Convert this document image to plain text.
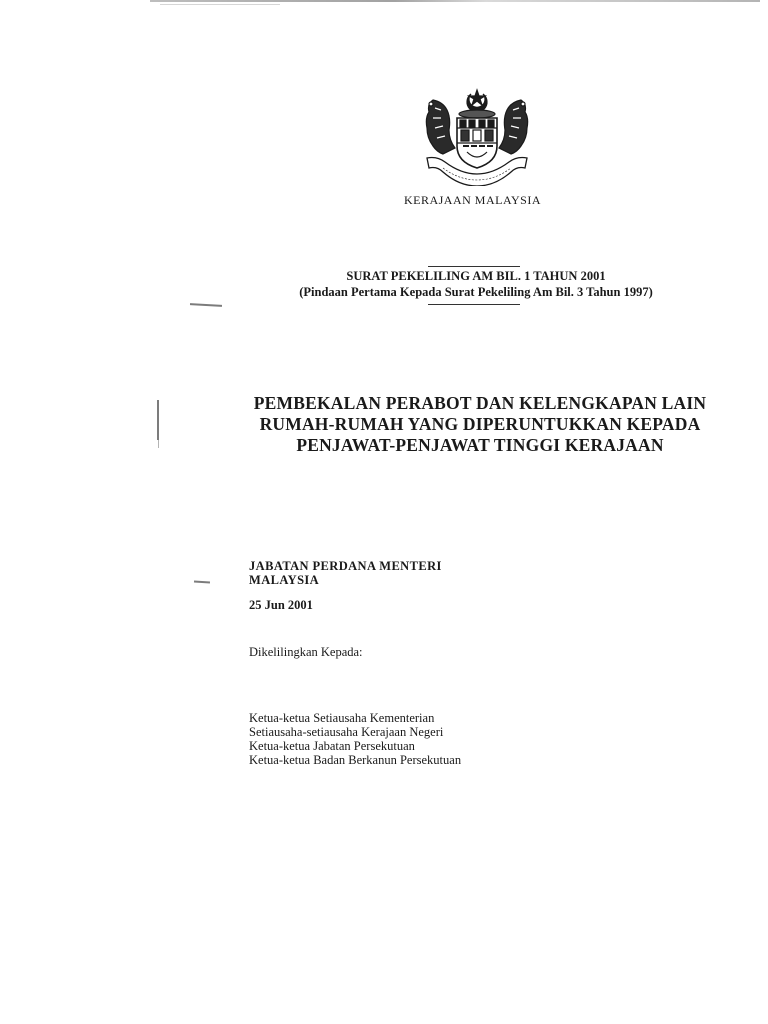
KERAJAAN MALAYSIA
SURAT PEKELILING AM BIL. 1 TAHUN 2001
(Pindaan Pertama Kepada Surat Pekeliling Am Bil. 3 Tahun 1997)
PEMBEKALAN PERABOT DAN KELENGKAPAN LAIN
RUMAH-RUMAH YANG DIPERUNTUKKAN KEPADA
PENJAWAT-PENJAWAT TINGGI KERAJAAN
JABATAN PERDANA MENTERI
MALAYSIA
25 Jun 2001
Dikelilingkan Kepada:
Ketua-ketua Setiausaha Kementerian
Setiausaha-setiausaha Kerajaan Negeri
Ketua-ketua Jabatan Persekutuan
Ketua-ketua Badan Berkanun Persekutuan
